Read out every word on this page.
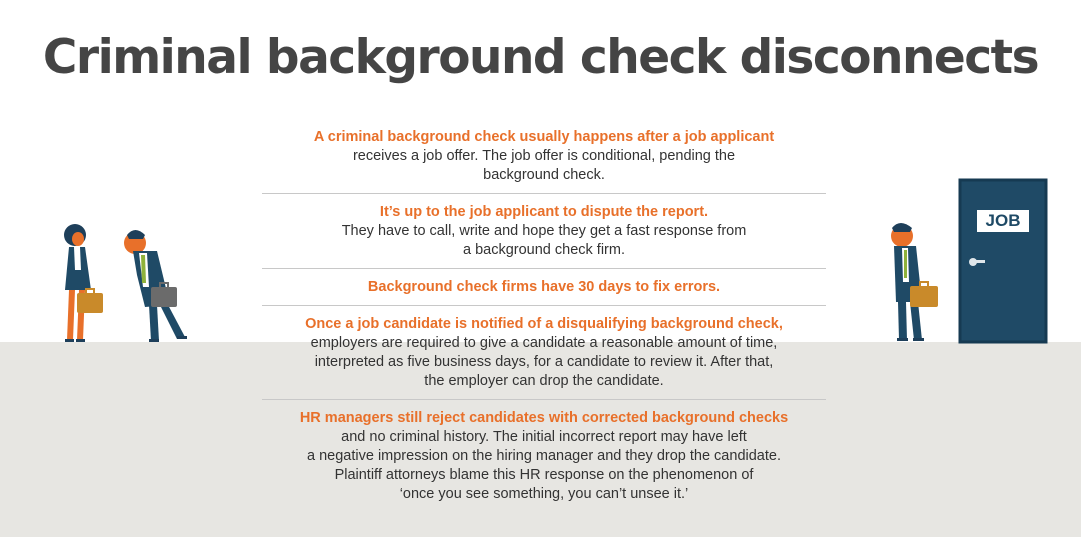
Criminal background check disconnects
JOB
A criminal background check usually happens after a job applicant
receives a job offer. The job offer is conditional, pending the
background check.
It’s up to the job applicant to dispute the report.
They have to call, write and hope they get a fast response from
a background check firm.
Background check firms have 30 days to fix errors.
Once a job candidate is notified of a disqualifying background check,
employers are required to give a candidate a reasonable amount of time,
interpreted as five business days, for a candidate to review it. After that,
the employer can drop the candidate.
HR managers still reject candidates with corrected background checks
and no criminal history. The initial incorrect report may have left
a negative impression on the hiring manager and they drop the candidate.
Plaintiff attorneys blame this HR response on the phenomenon of
‘once you see something, you can’t unsee it.’
